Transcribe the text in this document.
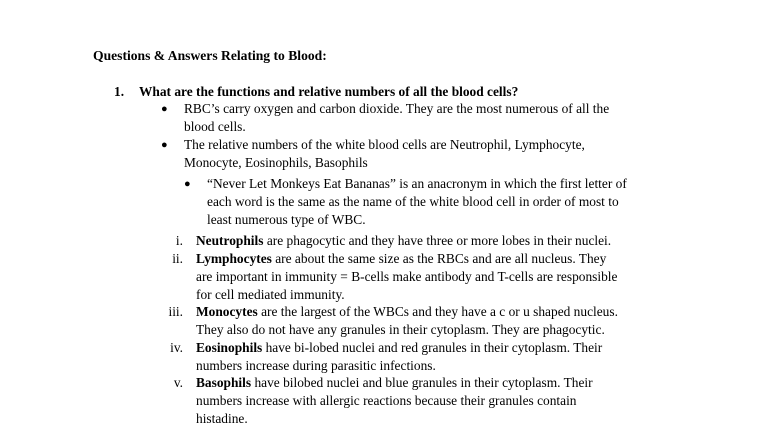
Questions & Answers Relating to Blood:
1. What are the functions and relative numbers of all the blood cells?
● RBC’s carry oxygen and carbon dioxide. They are the most numerous of all the
blood cells.
● The relative numbers of the white blood cells are Neutrophil, Lymphocyte,
Monocyte, Eosinophils, Basophils
● “Never Let Monkeys Eat Bananas” is an anacronym in which the first letter of
each word is the same as the name of the white blood cell in order of most to
least numerous type of WBC.
i. Neutrophils are phagocytic and they have three or more lobes in their nuclei.
ii. Lymphocytes are about the same size as the RBCs and are all nucleus. They
are important in immunity = B-cells make antibody and T-cells are responsible
for cell mediated immunity.
iii. Monocytes are the largest of the WBCs and they have a c or u shaped nucleus.
They also do not have any granules in their cytoplasm. They are phagocytic.
iv. Eosinophils have bi-lobed nuclei and red granules in their cytoplasm. Their
numbers increase during parasitic infections.
v. Basophils have bilobed nuclei and blue granules in their cytoplasm. Their
numbers increase with allergic reactions because their granules contain
histadine.
